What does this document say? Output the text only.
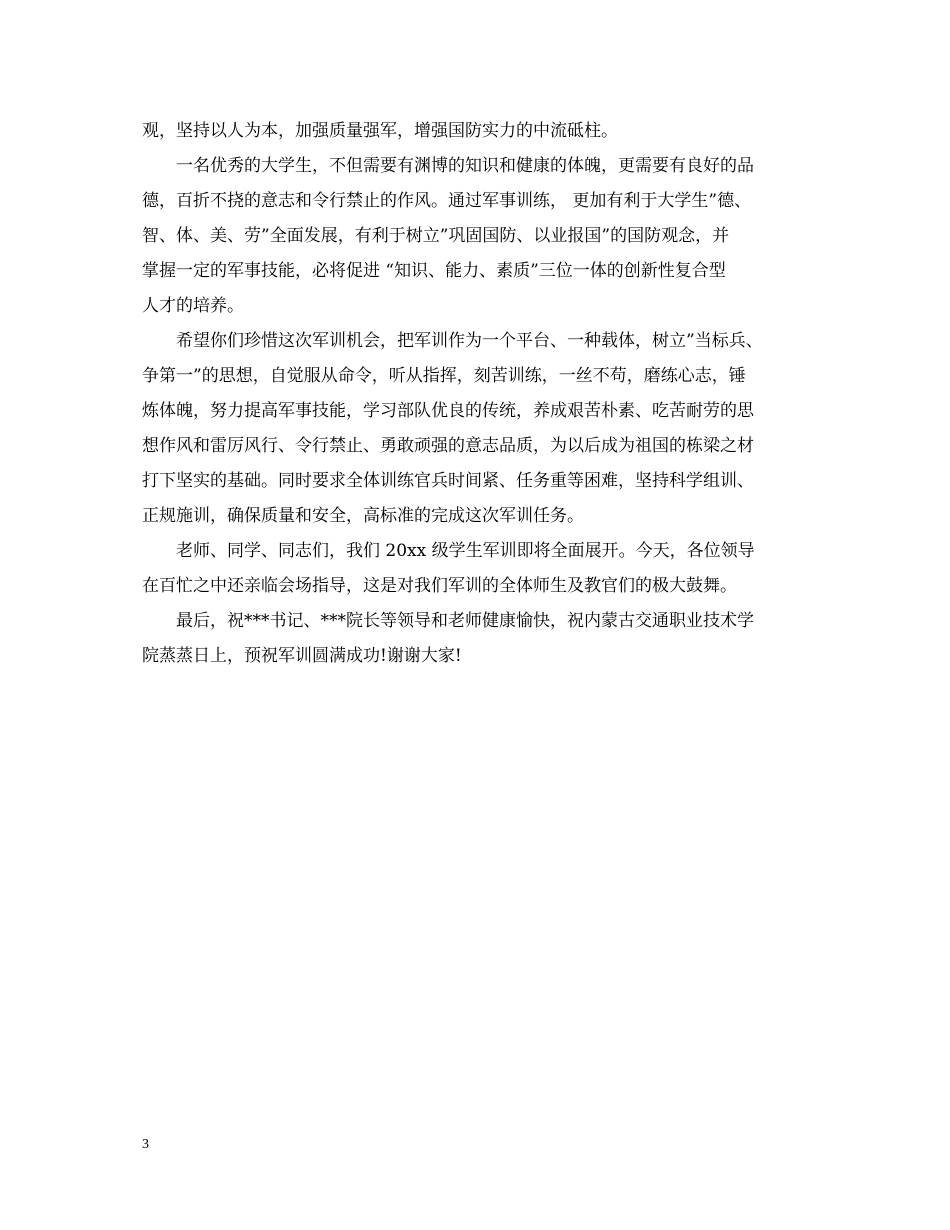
观，坚持以人为本，加强质量强军，增强国防实力的中流砥柱。
一名优秀的大学生，不但需要有渊博的知识和健康的体魄，更需要有良好的品
德，百折不挠的意志和令行禁止的作风。通过军事训练， 更加有利于大学生”德、
智、体、美、劳”全面发展，有利于树立”巩固国防、以业报国”的国防观念，并
掌握一定的军事技能，必将促进 “知识、能力、素质”三位一体的创新性复合型
人才的培养。
希望你们珍惜这次军训机会，把军训作为一个平台、一种载体，树立”当标兵、
争第一”的思想，自觉服从命令，听从指挥，刻苦训练，一丝不苟，磨练心志，锤
炼体魄，努力提高军事技能，学习部队优良的传统，养成艰苦朴素、吃苦耐劳的思
想作风和雷厉风行、令行禁止、勇敢顽强的意志品质，为以后成为祖国的栋梁之材
打下坚实的基础。同时要求全体训练官兵时间紧、任务重等困难，坚持科学组训、
正规施训，确保质量和安全，高标准的完成这次军训任务。
老师、同学、同志们，我们 20xx 级学生军训即将全面展开。今天，各位领导
在百忙之中还亲临会场指导，这是对我们军训的全体师生及教官们的极大鼓舞。
最后，祝***书记、***院长等领导和老师健康愉快，祝内蒙古交通职业技术学
院蒸蒸日上，预祝军训圆满成功!谢谢大家!
3
